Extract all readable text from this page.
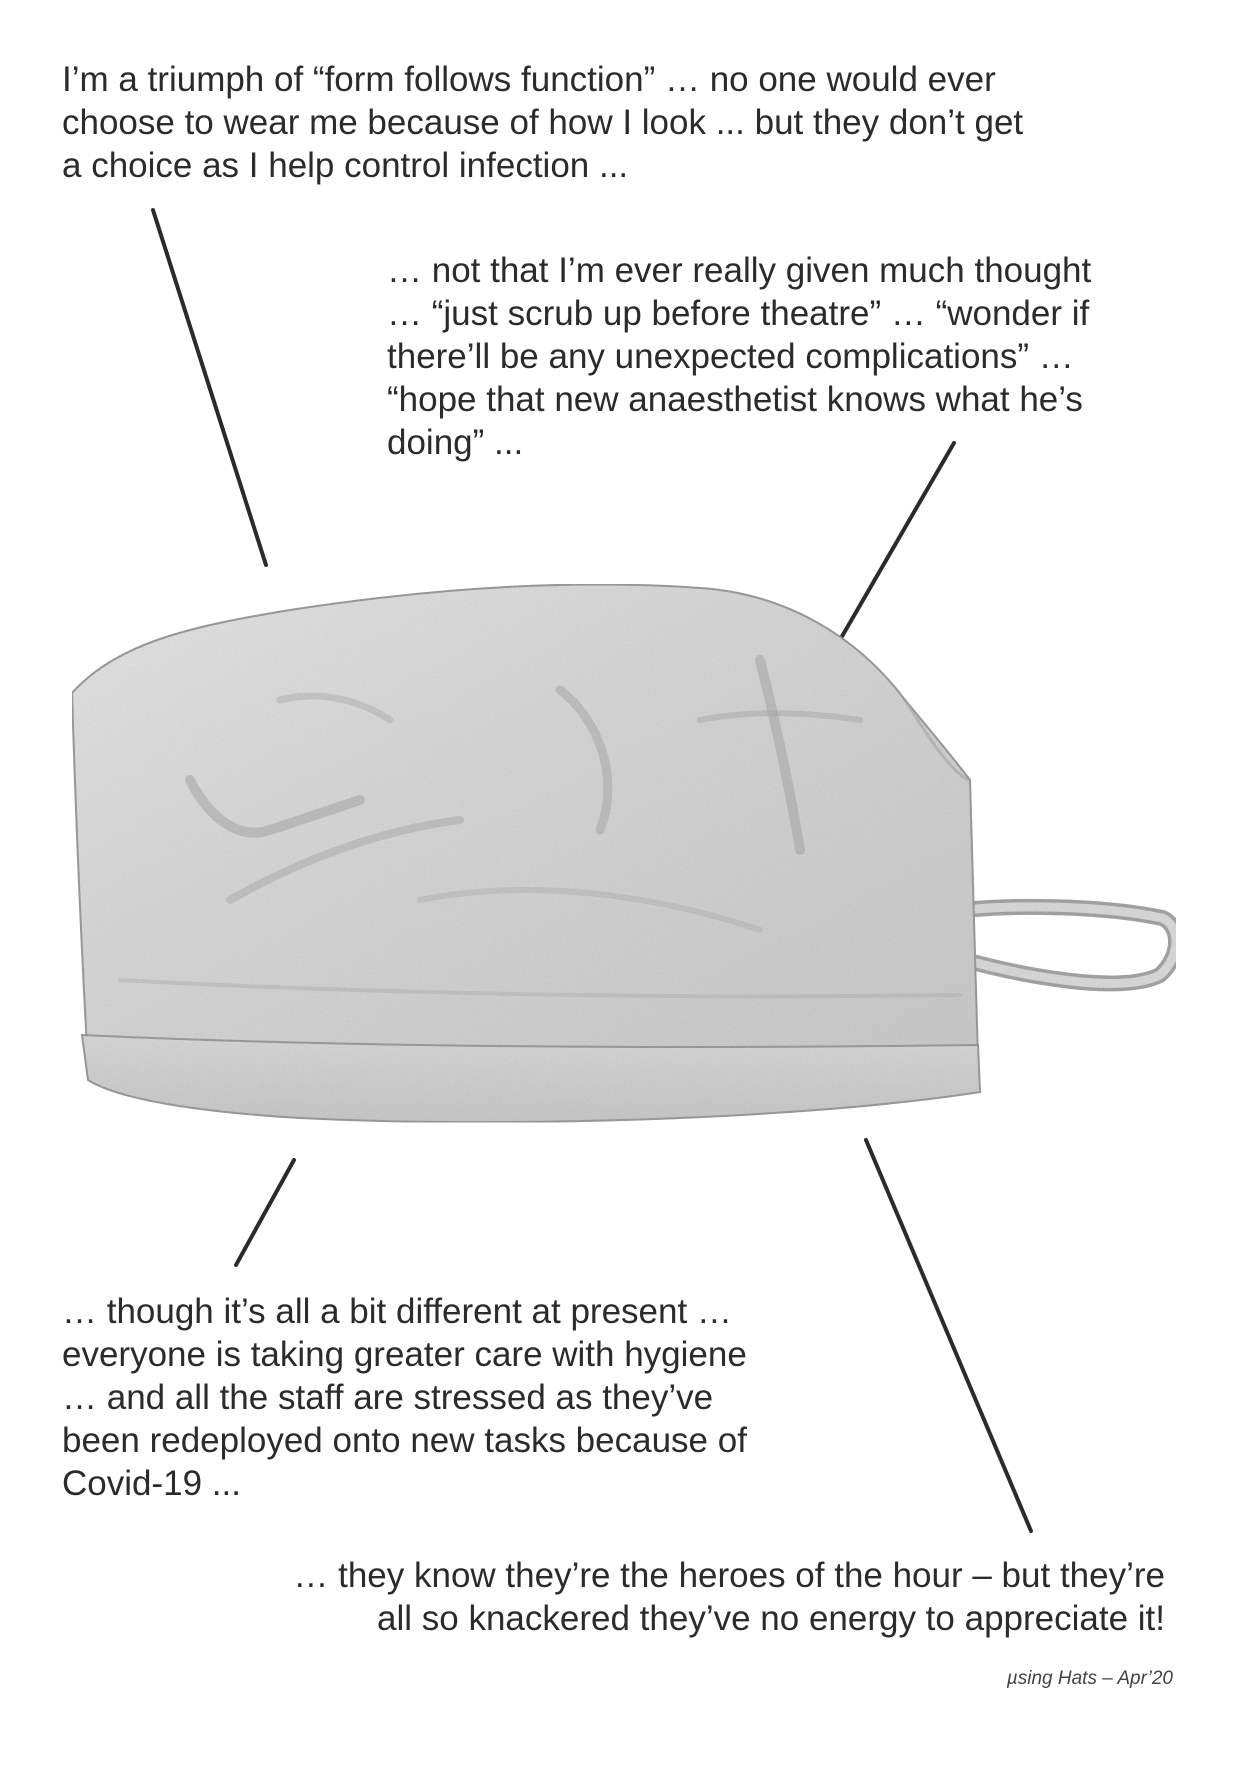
I’m a triumph of “form follows function” … no one would ever
choose to wear me because of how I look ... but they don’t get
a choice as I help control infection ...

… not that I’m ever really given much thought
… “just scrub up before theatre” … “wonder if
there’ll be any unexpected complications” …
“hope that new anaesthetist knows what he’s
doing” ...

… though it’s all a bit different at present …
everyone is taking greater care with hygiene
… and all the staff are stressed as they’ve
been redeployed onto new tasks because of
Covid-19 ...

… they know they’re the heroes of the hour – but they’re
all so knackered they’ve no energy to appreciate it!

µsing Hats – Apr’20
